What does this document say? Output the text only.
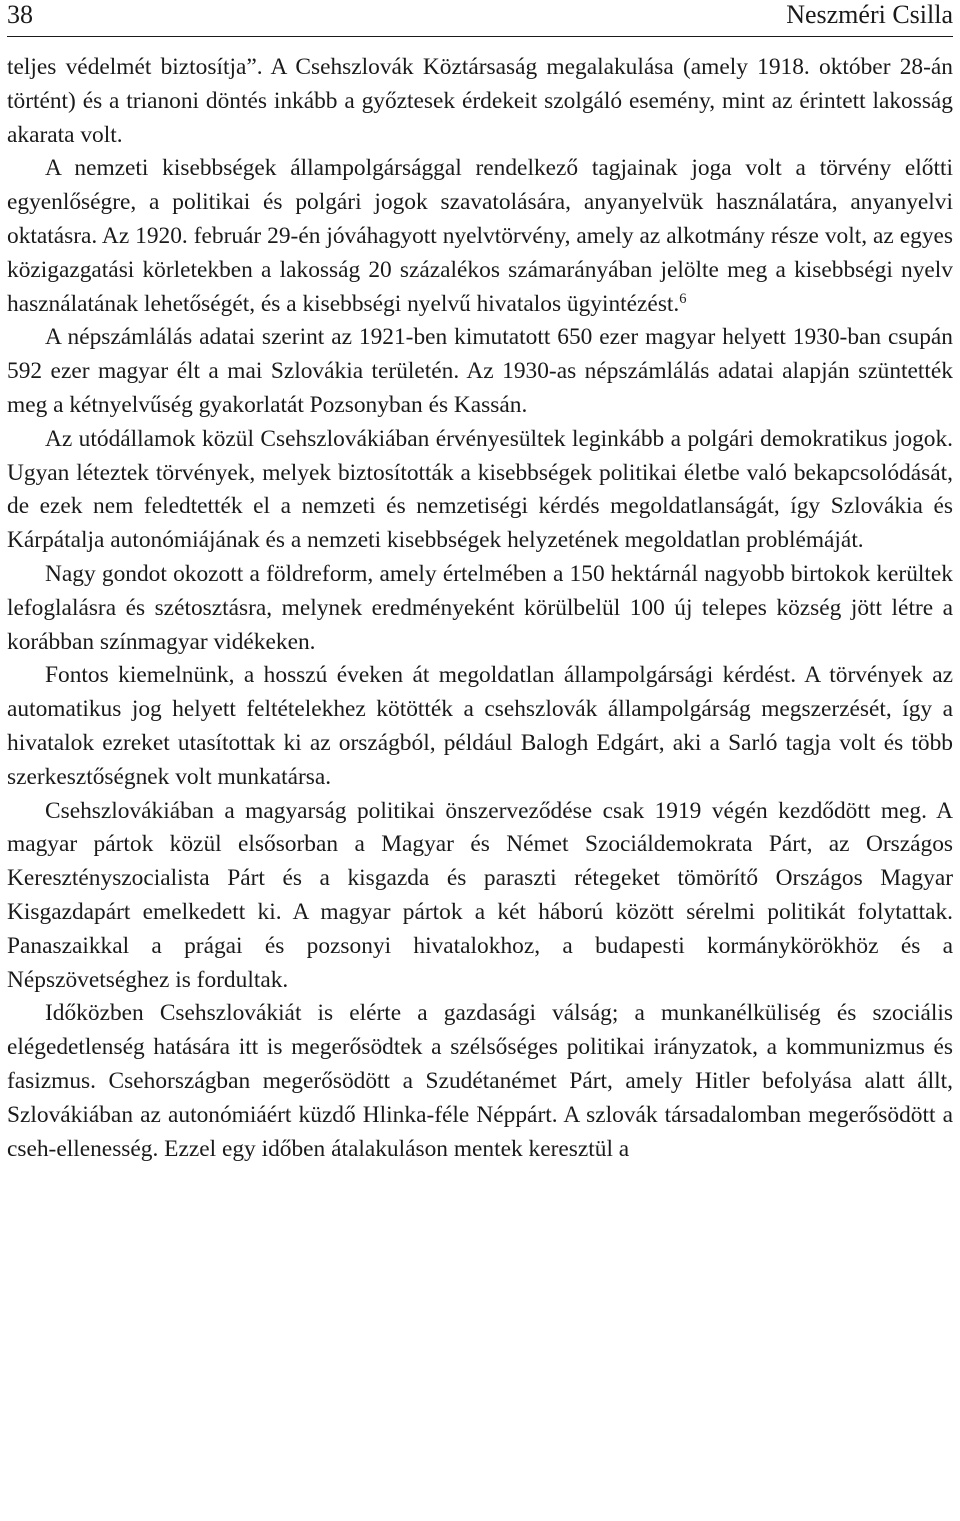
38	Neszméri Csilla

teljes védelmét biztosítja”. A Csehszlovák Köztársaság megalakulása (amely 1918. október 28-án történt) és a trianoni döntés inkább a győztesek érdekeit szolgáló esemény, mint az érintett lakosság akarata volt.

A nemzeti kisebbségek állampolgársággal rendelkező tagjainak joga volt a törvény előtti egyenlőségre, a politikai és polgári jogok szavatolására, anyanyelvük használatára, anyanyelvi oktatásra. Az 1920. február 29-én jóváhagyott nyelvtörvény, amely az alkotmány része volt, az egyes közigazgatási körletekben a lakosság 20 százalékos számarányában jelölte meg a kisebbségi nyelv használatának lehetőségét, és a kisebbségi nyelvű hivatalos ügyintézést.$^6$

A népszámlálás adatai szerint az 1921-ben kimutatott 650 ezer magyar helyett 1930-ban csupán 592 ezer magyar élt a mai Szlovákia területén. Az 1930-as népszámlálás adatai alapján szüntették meg a kétnyelvűség gyakorlatát Pozsonyban és Kassán.

Az utódállamok közül Csehszlovákiában érvényesültek leginkább a polgári demokratikus jogok. Ugyan léteztek törvények, melyek biztosították a kisebbségek politikai életbe való bekapcsolódását, de ezek nem feledtették el a nemzeti és nemzetiségi kérdés megoldatlanságát, így Szlovákia és Kárpátalja autonómiájának és a nemzeti kisebbségek helyzetének megoldatlan problémáját.

Nagy gondot okozott a földreform, amely értelmében a 150 hektárnál nagyobb birtokok kerültek lefoglalásra és szétosztásra, melynek eredményeként körülbelül 100 új telepes község jött létre a korábban színmagyar vidékeken.

Fontos kiemelnünk, a hosszú éveken át megoldatlan állampolgársági kérdést. A törvények az automatikus jog helyett feltételekhez kötötték a csehszlovák állampolgárság megszerzését, így a hivatalok ezreket utasítottak ki az országból, például Balogh Edgárt, aki a Sarló tagja volt és több szerkesztőségnek volt munkatársa.

Csehszlovákiában a magyarság politikai önszerveződése csak 1919 végén kezdődött meg. A magyar pártok közül elsősorban a Magyar és Német Szociáldemokrata Párt, az Országos Keresztényszocialista Párt és a kisgazda és paraszti rétegeket tömörítő Országos Magyar Kisgazdapárt emelkedett ki. A magyar pártok a két háború között sérelmi politikát folytattak. Panaszaikkal a prágai és pozsonyi hivatalokhoz, a budapesti kormánykörökhöz és a Népszövetséghez is fordultak.

Időközben Csehszlovákiát is elérte a gazdasági válság; a munkanélküliség és szociális elégedetlenség hatására itt is megerősödtek a szélsőséges politikai irányzatok, a kommunizmus és fasizmus. Csehországban megerősödött a Szudétanémet Párt, amely Hitler befolyása alatt állt, Szlovákiában az autonómiáért küzdő Hlinka-féle Néppárt. A szlovák társadalomban megerősödött a cseh-ellenesség. Ezzel egy időben átalakuláson mentek keresztül a
